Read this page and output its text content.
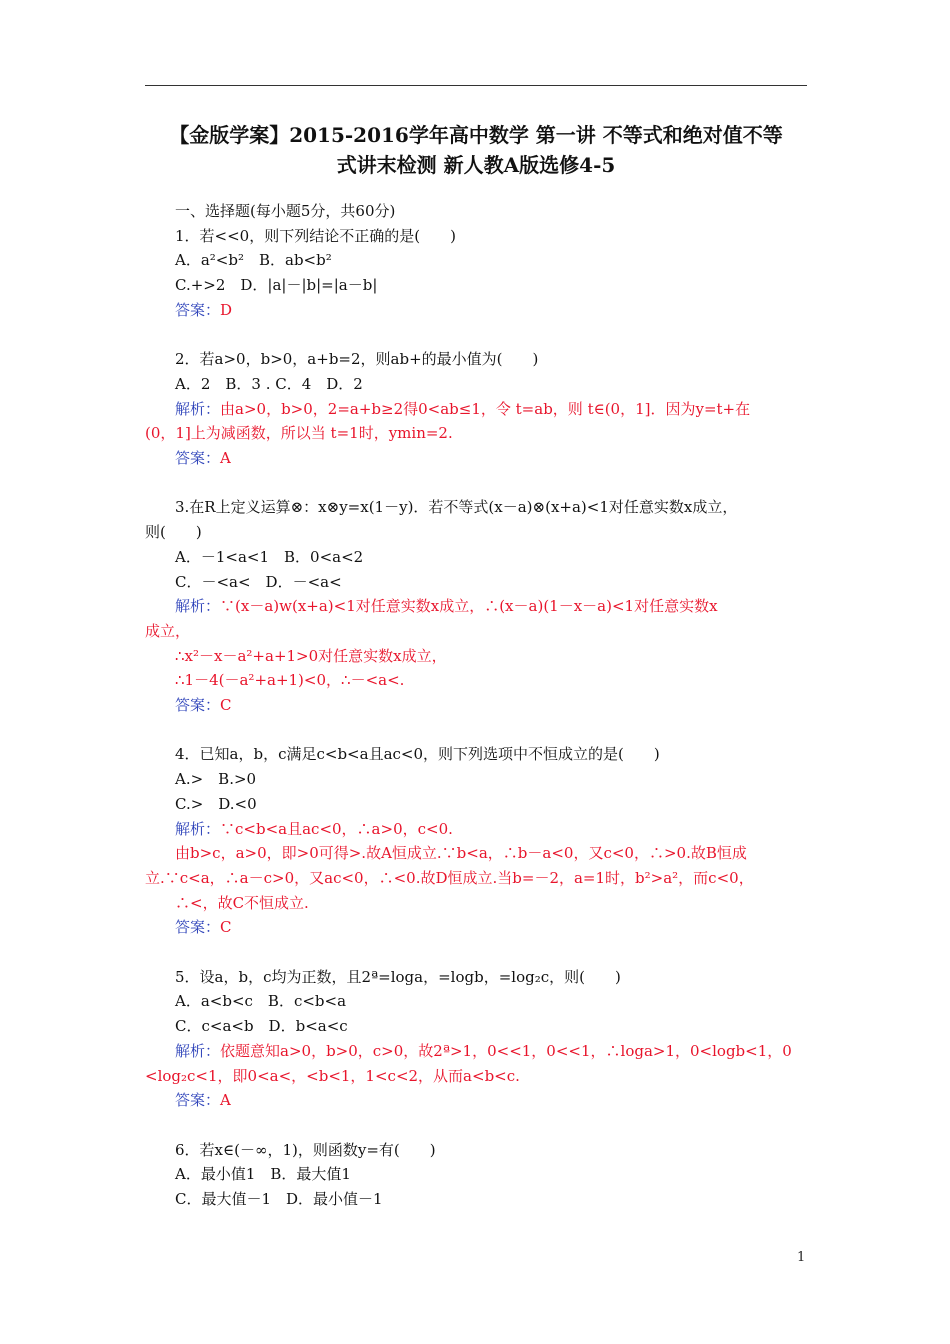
【金版学案】2015-2016学年高中数学 第一讲 不等式和绝对值不等
式讲末检测 新人教A版选修4-5
一、选择题(每小题5分，共60分)
1．若<<0，则下列结论不正确的是(　　)
A．a²<b²　B．ab<b²
C.+>2　D．|a|－|b|=|a－b|
答案：D
2．若a>0，b>0，a+b=2，则ab+的最小值为(　　)
A．2　B．3 . C．4　D．2
解析：由a>0，b>0，2=a+b≥2得0<ab≤1，令 t=ab，则 t∈(0，1]．因为y=t+在
(0，1]上为减函数，所以当 t=1时，ymin=2.
答案：A
3.在R上定义运算⊗：x⊗y=x(1－y)．若不等式(x－a)⊗(x+a)<1对任意实数x成立，
则(　　)
A．－1<a<1　B．0<a<2
C．－<a<　D．－<a<
解析：∵(x－a)w(x+a)<1对任意实数x成立，∴(x－a)(1－x－a)<1对任意实数x
成立，
∴x²－x－a²+a+1>0对任意实数x成立，
∴1－4(－a²+a+1)<0，∴－<a<.
答案：C
4．已知a，b，c满足c<b<a且ac<0，则下列选项中不恒成立的是(　　)
A.>　B.>0
C.>　D.<0
解析：∵c<b<a且ac<0，∴a>0，c<0.
由b>c，a>0，即>0可得>.故A恒成立.∵b<a，∴b－a<0，又c<0，∴>0.故B恒成
立.∵c<a，∴a－c>0，又ac<0，∴<0.故D恒成立.当b=－2，a=1时，b²>a²，而c<0，
∴<，故C不恒成立.
答案：C
5．设a，b，c均为正数，且2ª=loga，=logb，=log₂c，则(　　)
A．a<b<c　B．c<b<a
C．c<a<b　D．b<a<c
解析：依题意知a>0，b>0，c>0，故2ª>1，0<<1，0<<1，∴loga>1，0<logb<1，0
<log₂c<1，即0<a<，<b<1，1<c<2，从而a<b<c.
答案：A
6．若x∈(－∞，1)，则函数y=有(　　)
A．最小值1　B．最大值1
C．最大值－1　D．最小值－1
1
